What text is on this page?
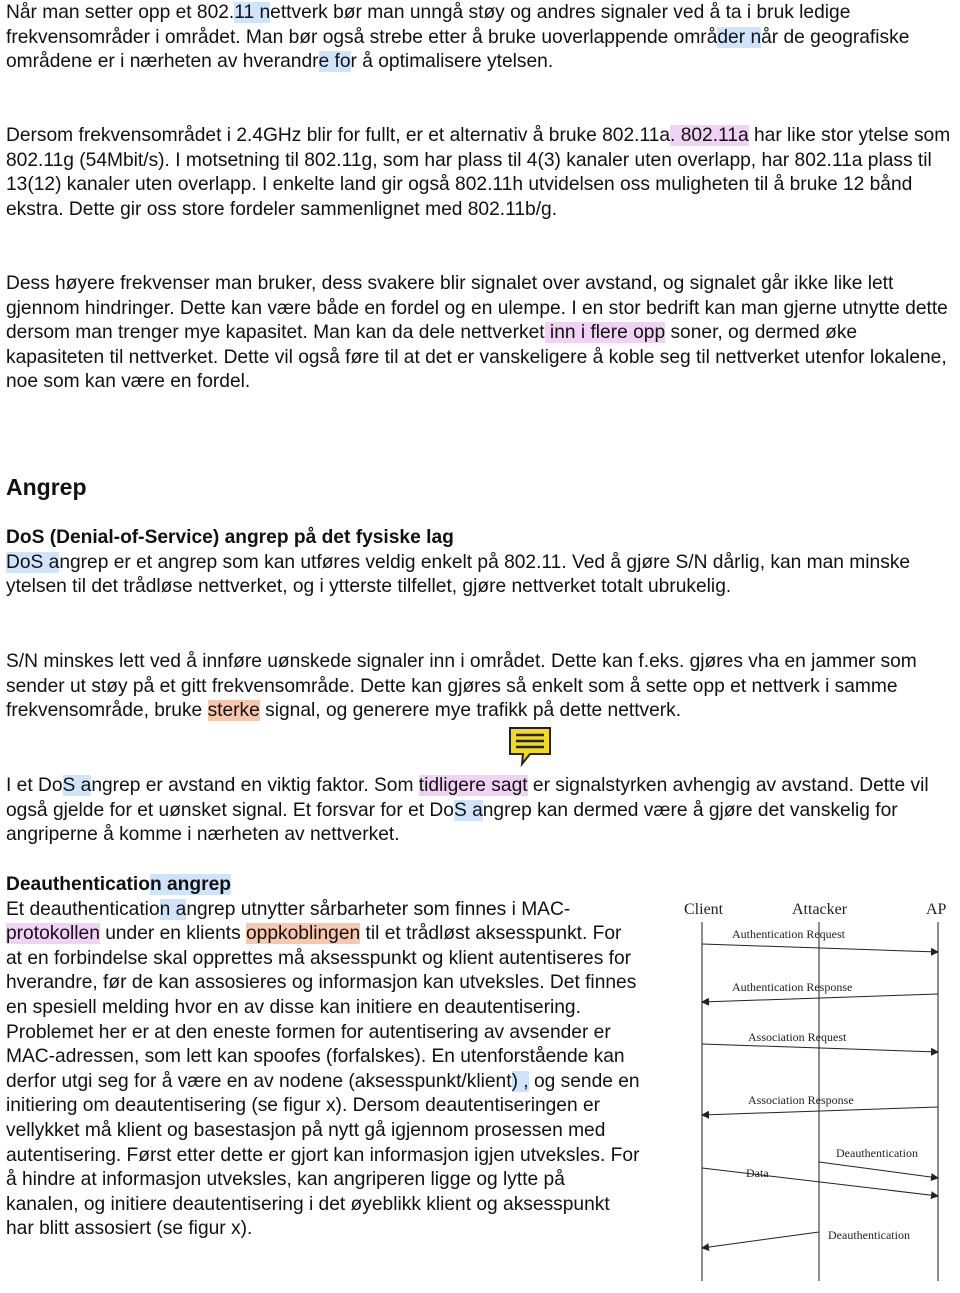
Når man setter opp et 802.11 nettverk bør man unngå støy og andres signaler ved å ta i bruk ledige frekvensområder i området. Man bør også strebe etter å bruke uoverlappende områder når de geografiske områdene er i nærheten av hverandre for å optimalisere ytelsen.

Dersom frekvensområdet i 2.4GHz blir for fullt, er et alternativ å bruke 802.11a. 802.11a har like stor ytelse som 802.11g (54Mbit/s). I motsetning til 802.11g, som har plass til 4(3) kanaler uten overlapp, har 802.11a plass til 13(12) kanaler uten overlapp. I enkelte land gir også 802.11h utvidelsen oss muligheten til å bruke 12 bånd ekstra. Dette gir oss store fordeler sammenlignet med 802.11b/g.

Dess høyere frekvenser man bruker, dess svakere blir signalet over avstand, og signalet går ikke like lett gjennom hindringer. Dette kan være både en fordel og en ulempe. I en stor bedrift kan man gjerne utnytte dette dersom man trenger mye kapasitet. Man kan da dele nettverket inn i flere opp soner, og dermed øke kapasiteten til nettverket. Dette vil også føre til at det er vanskeligere å koble seg til nettverket utenfor lokalene, noe som kan være en fordel.

Angrep
DoS (Denial-of-Service) angrep på det fysiske lag

DoS angrep er et angrep som kan utføres veldig enkelt på 802.11. Ved å gjøre S/N dårlig, kan man minske ytelsen til det trådløse nettverket, og i ytterste tilfellet, gjøre nettverket totalt ubrukelig.

S/N minskes lett ved å innføre uønskede signaler inn i området. Dette kan f.eks. gjøres vha en jammer som sender ut støy på et gitt frekvensområde. Dette kan gjøres så enkelt som å sette opp et nettverk i samme frekvensområde, bruke sterke signal, og generere mye trafikk på dette nettverk.

I et DoS angrep er avstand en viktig faktor. Som tidligere sagt er signalstyrken avhengig av avstand. Dette vil også gjelde for et uønsket signal. Et forsvar for et DoS angrep kan dermed være å gjøre det vanskelig for angriperne å komme i nærheten av nettverket.

Deauthentication angrep

Et deauthentication angrep utnytter sårbarheter som finnes i MAC-protokollen under en klients oppkoblingen til et trådløst aksesspunkt. For at en forbindelse skal opprettes må aksesspunkt og klient autentiseres for hverandre, før de kan assosieres og informasjon kan utveksles. Det finnes en spesiell melding hvor en av disse kan initiere en deautentisering. Problemet her er at den eneste formen for autentisering av avsender er MAC-adressen, som lett kan spoofes (forfalskes). En utenforstående kan derfor utgi seg for å være en av nodene (aksesspunkt/klient) , og sende en initiering om deautentisering (se figur x). Dersom deautentiseringen er vellykket må klient og basestasjon på nytt gå igjennom prosessen med autentisering. Først etter dette er gjort kan informasjon igjen utveksles. For å hindre at informasjon utveksles, kan angriperen ligge og lytte på kanalen, og initiere deautentisering i det øyeblikk klient og aksesspunkt har blitt assosiert (se figur x).

Client	Attacker	AP
Authentication Request
Authentication Response
Association Request
Association Response
Deauthentication
Data
Deauthentication
